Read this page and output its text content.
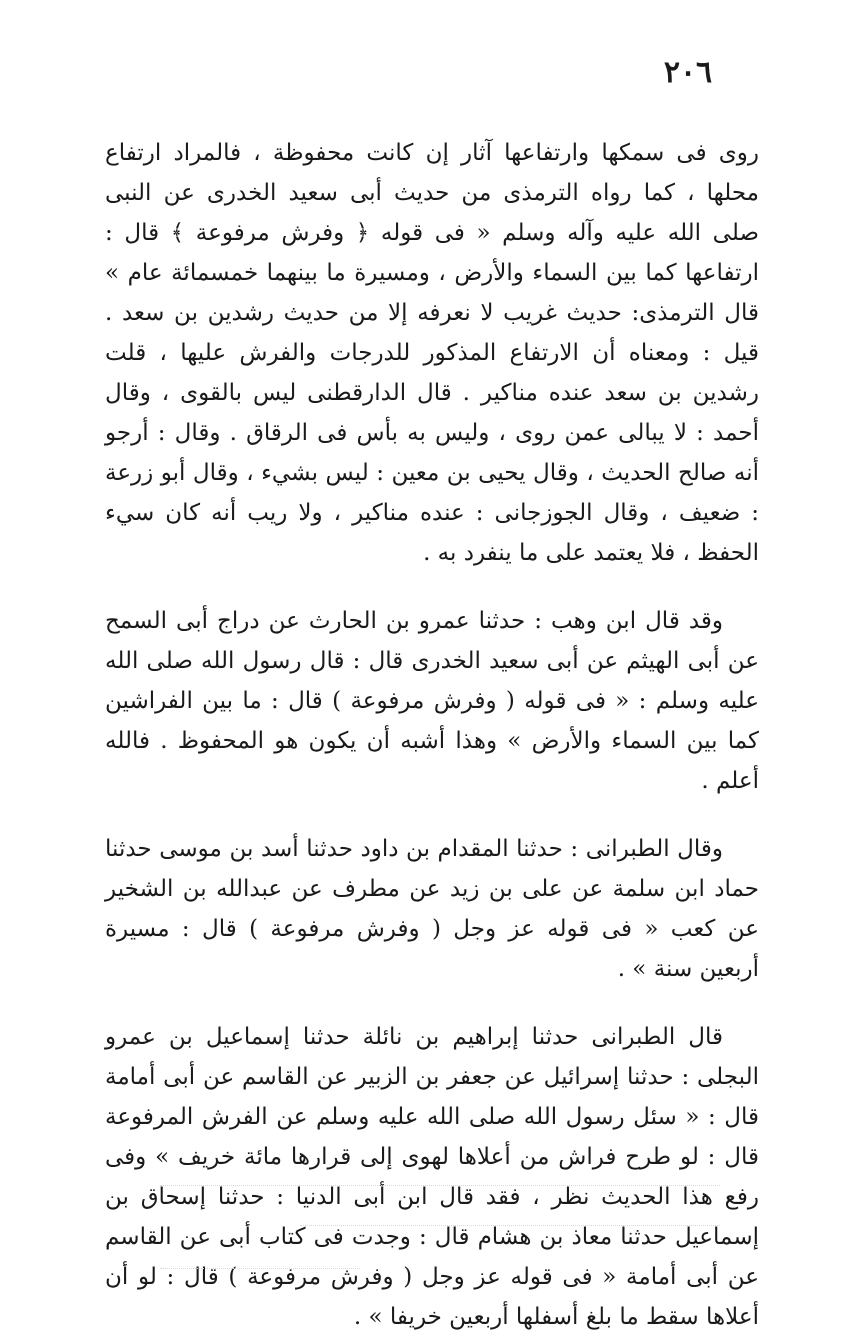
٢٠٦

روى فى سمكها وارتفاعها آثار إن كانت محفوظة ، فالمراد ارتفاع محلها ، كما رواه الترمذى من حديث أبى سعيد الخدرى عن النبى صلى الله عليه وآله وسلم « فى قوله ﴿ وفرش مرفوعة ﴾ قال : ارتفاعها كما بين السماء والأرض ، ومسيرة ما بينهما خمسمائة عام » قال الترمذى: حديث غريب لا نعرفه إلا من حديث رشدين بن سعد . قيل : ومعناه أن الارتفاع المذكور للدرجات والفرش عليها ، قلت رشدين بن سعد عنده مناكير . قال الدارقطنى ليس بالقوى ، وقال أحمد : لا يبالى عمن روى ، وليس به بأس فى الرقاق . وقال : أرجو أنه صالح الحديث ، وقال يحيى بن معين : ليس بشيء ، وقال أبو زرعة : ضعيف ، وقال الجوزجانى : عنده مناكير ، ولا ريب أنه كان سيء الحفظ ، فلا يعتمد على ما ينفرد به .

وقد قال ابن وهب : حدثنا عمرو بن الحارث عن دراج أبى السمح عن أبى الهيثم عن أبى سعيد الخدرى قال : قال رسول الله صلى الله عليه وسلم : « فى قوله ( وفرش مرفوعة ) قال : ما بين الفراشين كما بين السماء والأرض » وهذا أشبه أن يكون هو المحفوظ . فالله أعلم .

وقال الطبرانى : حدثنا المقدام بن داود حدثنا أسد بن موسى حدثنا حماد ابن سلمة عن على بن زيد عن مطرف عن عبدالله بن الشخير عن كعب « فى قوله عز وجل ( وفرش مرفوعة ) قال : مسيرة أربعين سنة » .

قال الطبرانى حدثنا إبراهيم بن نائلة حدثنا إسماعيل بن عمرو البجلى : حدثنا إسرائيل عن جعفر بن الزبير عن القاسم عن أبى أمامة قال : « سئل رسول الله صلى الله عليه وسلم عن الفرش المرفوعة قال : لو طرح فراش من أعلاها لهوى إلى قرارها مائة خريف » وفى رفع هذا الحديث نظر ، فقد قال ابن أبى الدنيا : حدثنا إسحاق بن إسماعيل حدثنا معاذ بن هشام قال : وجدت فى كتاب أبى عن القاسم عن أبى أمامة « فى قوله عز وجل ( وفرش مرفوعة ) قال : لو أن أعلاها سقط ما بلغ أسفلها أربعين خريفا » .
